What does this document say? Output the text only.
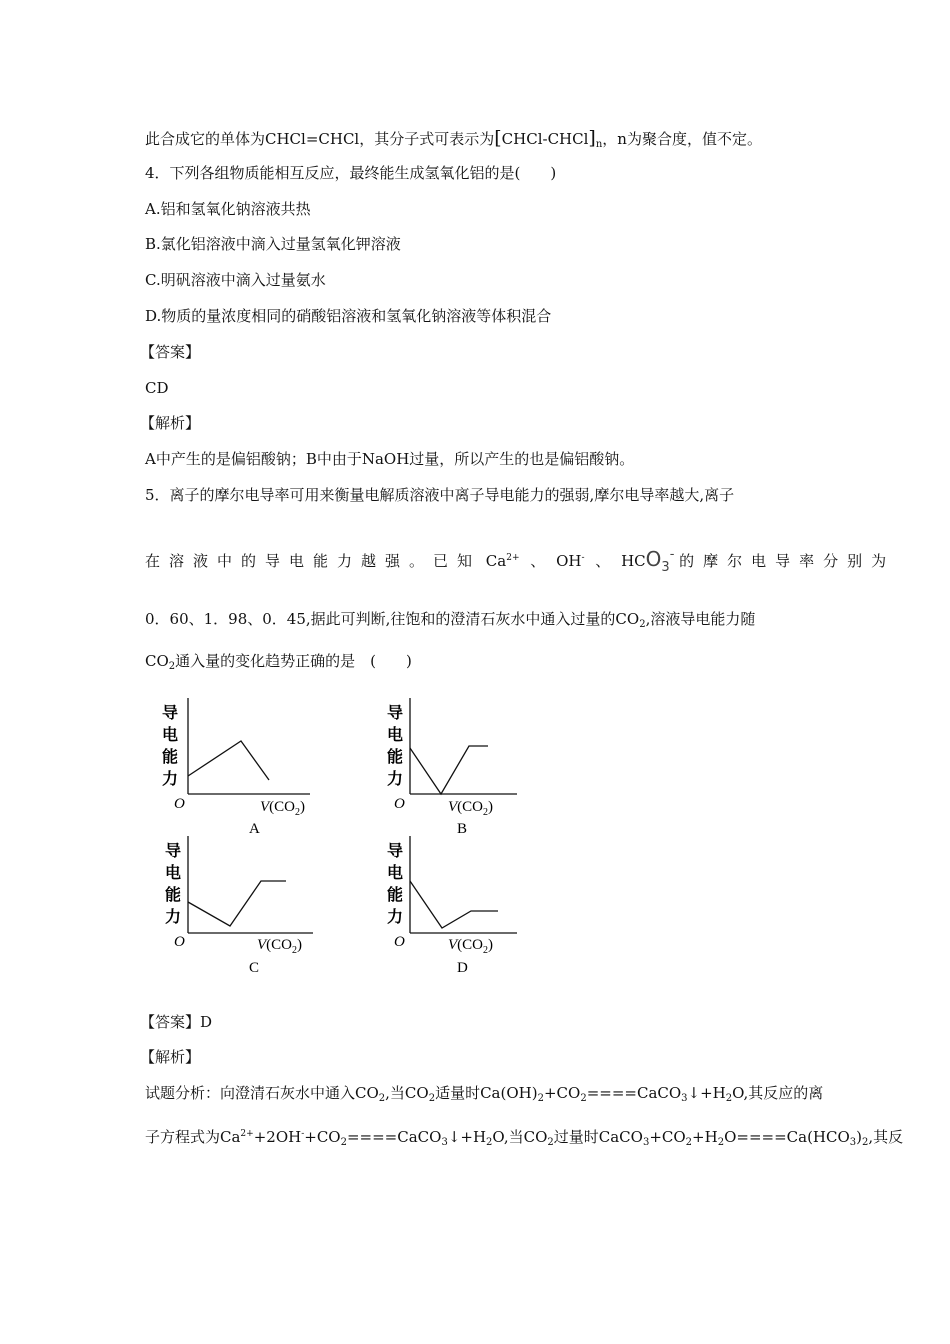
此合成它的单体为CHCl=CHCl，其分子式可表示为$[CHCl-CHCl]_n$，n为聚合度，值不定。
4．下列各组物质能相互反应，最终能生成氢氧化铝的是(　　)
A.铝和氢氧化钠溶液共热
B.氯化铝溶液中滴入过量氢氧化钾溶液
C.明矾溶液中滴入过量氨水
D.物质的量浓度相同的硝酸铝溶液和氢氧化钠溶液等体积混合
【答案】
CD
【解析】
A中产生的是偏铝酸钠；B中由于NaOH过量，所以产生的也是偏铝酸钠。
5．离子的摩尔电导率可用来衡量电解质溶液中离子导电能力的强弱,摩尔电导率越大,离子
在溶液中的导电能力越强。已知 $Ca^{2+}$ 、 OH- 、 $HCO_3^-$ 的摩尔电导率分别为
0．60、1．98、0．45,据此可判断,往饱和的澄清石灰水中通入过量的$CO_2$,溶液导电能力随
$CO_2$通入量的变化趋势正确的是　(　　)
导
电
能
力
O	$V(CO_2)$
A
导
电
能
力
O	$V(CO_2)$
B
导
电
能
力
O	$V(CO_2)$
C
导
电
能
力
O	$V(CO_2)$
D
【答案】D
【解析】
试题分析：向澄清石灰水中通入$CO_2$,当$CO_2$适量时$Ca(OH)_2+CO_2====CaCO_3↓+H_2O$,其反应的离
子方程式为$Ca^{2+}+2OH^-+CO_2====CaCO_3↓+H_2O$,当$CO_2$过量时$CaCO_3+CO_2+H_2O====Ca(HCO_3)_2$,其反
